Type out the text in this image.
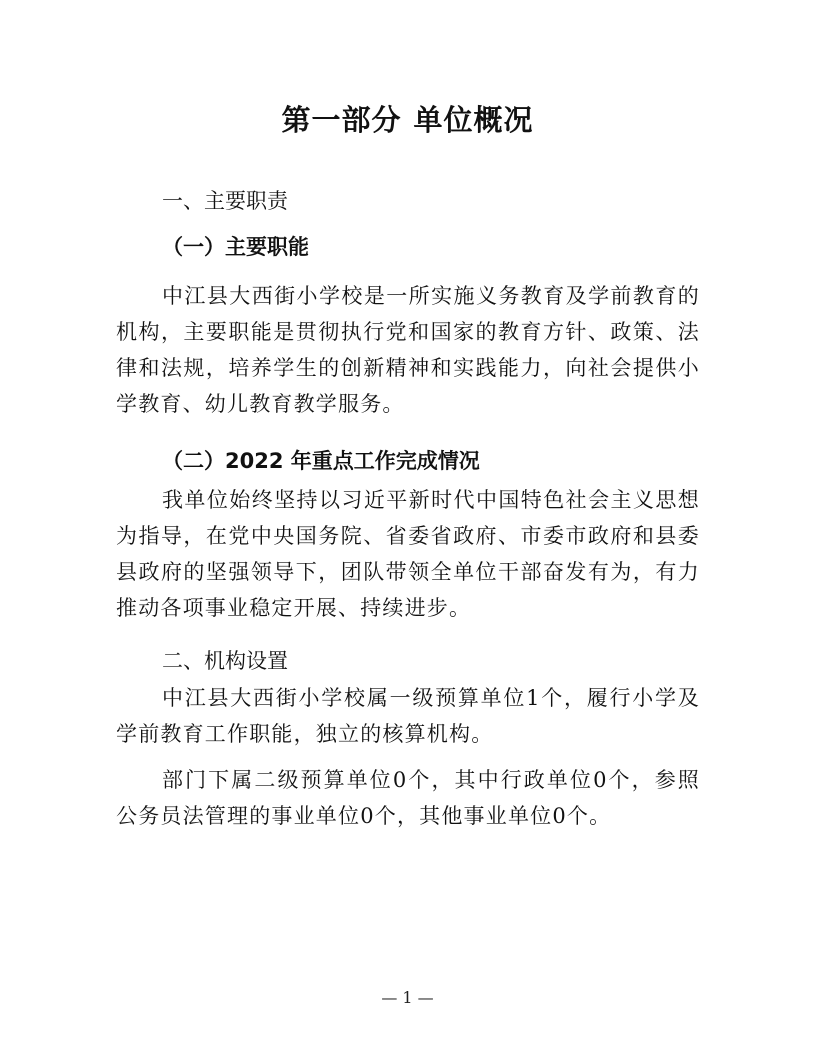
第一部分 单位概况
一、主要职责
（一）主要职能

中江县大西街小学校是一所实施义务教育及学前教育的机构，主要职能是贯彻执行党和国家的教育方针、政策、法律和法规，培养学生的创新精神和实践能力，向社会提供小学教育、幼儿教育教学服务。

（二）2022 年重点工作完成情况

我单位始终坚持以习近平新时代中国特色社会主义思想为指导，在党中央国务院、省委省政府、市委市政府和县委县政府的坚强领导下，团队带领全单位干部奋发有为，有力推动各项事业稳定开展、持续进步。

二、机构设置

中江县大西街小学校属一级预算单位1个，履行小学及学前教育工作职能，独立的核算机构。

部门下属二级预算单位0个，其中行政单位0个，参照公务员法管理的事业单位0个，其他事业单位0个。

— 1 —
